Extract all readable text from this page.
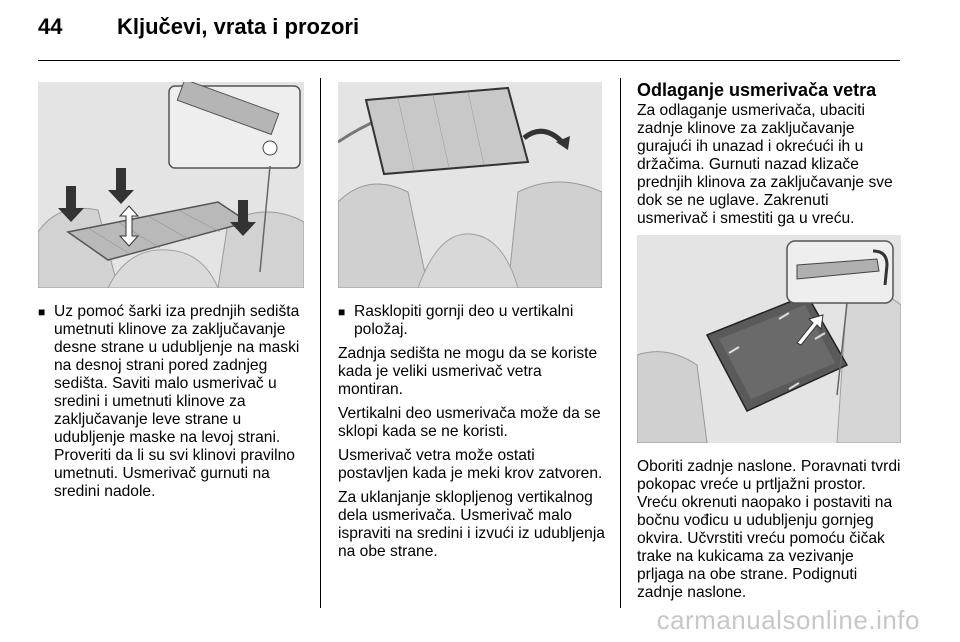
44 Ključevi, vrata i prozori

■ Uz pomoć šarki iza prednjih sedišta umetnuti klinove za zaključavanje desne strane u udubljenje na maski na desnoj strani pored zadnjeg sedišta. Saviti malo usmerivač u sredini i umetnuti klinove za zaključavanje leve strane u udubljenje maske na levoj strani. Proveriti da li su svi klinovi pravilno umetnuti. Usmerivač gurnuti na sredini nadole.

■ Rasklopiti gornji deo u vertikalni položaj.

Zadnja sedišta ne mogu da se koriste kada je veliki usmerivač vetra montiran.

Vertikalni deo usmerivača može da se sklopi kada se ne koristi.

Usmerivač vetra može ostati postavljen kada je meki krov zatvoren.

Za uklanjanje sklopljenog vertikalnog dela usmerivača. Usmerivač malo ispraviti na sredini i izvući iz udubljenja na obe strane.

Odlaganje usmerivača vetra

Za odlaganje usmerivača, ubaciti zadnje klinove za zaključavanje gurajući ih unazad i okrećući ih u držačima. Gurnuti nazad klizače prednjih klinova za zaključavanje sve dok se ne uglave. Zakrenuti usmerivač i smestiti ga u vreću.

Oboriti zadnje naslone. Poravnati tvrdi pokopac vreće u prtljažni prostor. Vreću okrenuti naopako i postaviti na bočnu vođicu u udubljenju gornjeg okvira. Učvrstiti vreću pomoću čičak trake na kukicama za vezivanje prljaga na obe strane. Podignuti zadnje naslone.

carmanualsonline.info
